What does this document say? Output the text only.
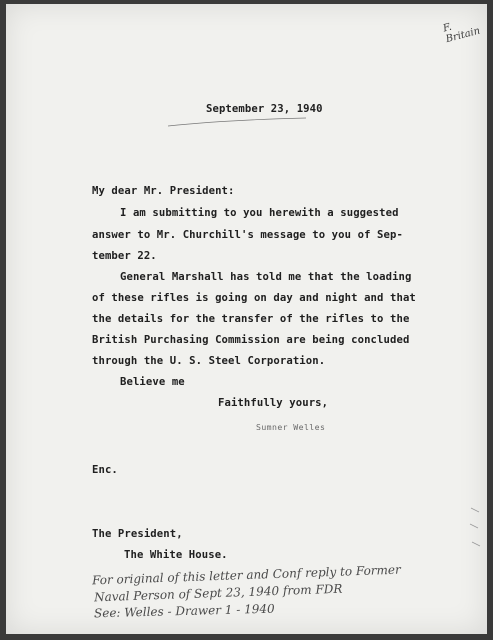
F. Britain
September 23, 1940
My dear Mr. President:
I am submitting to you herewith a suggested
answer to Mr. Churchill's message to you of Sep-
tember 22.
General Marshall has told me that the loading
of these rifles is going on day and night and that
the details for the transfer of the rifles to the
British Purchasing Commission are being concluded
through the U. S. Steel Corporation.
Believe me
Faithfully yours,
Sumner Welles
Enc.
The President,
The White House.
For original of this letter and Conf reply to Former
Naval Person of Sept 23, 1940 from FDR
See: Welles - Drawer 1 - 1940
